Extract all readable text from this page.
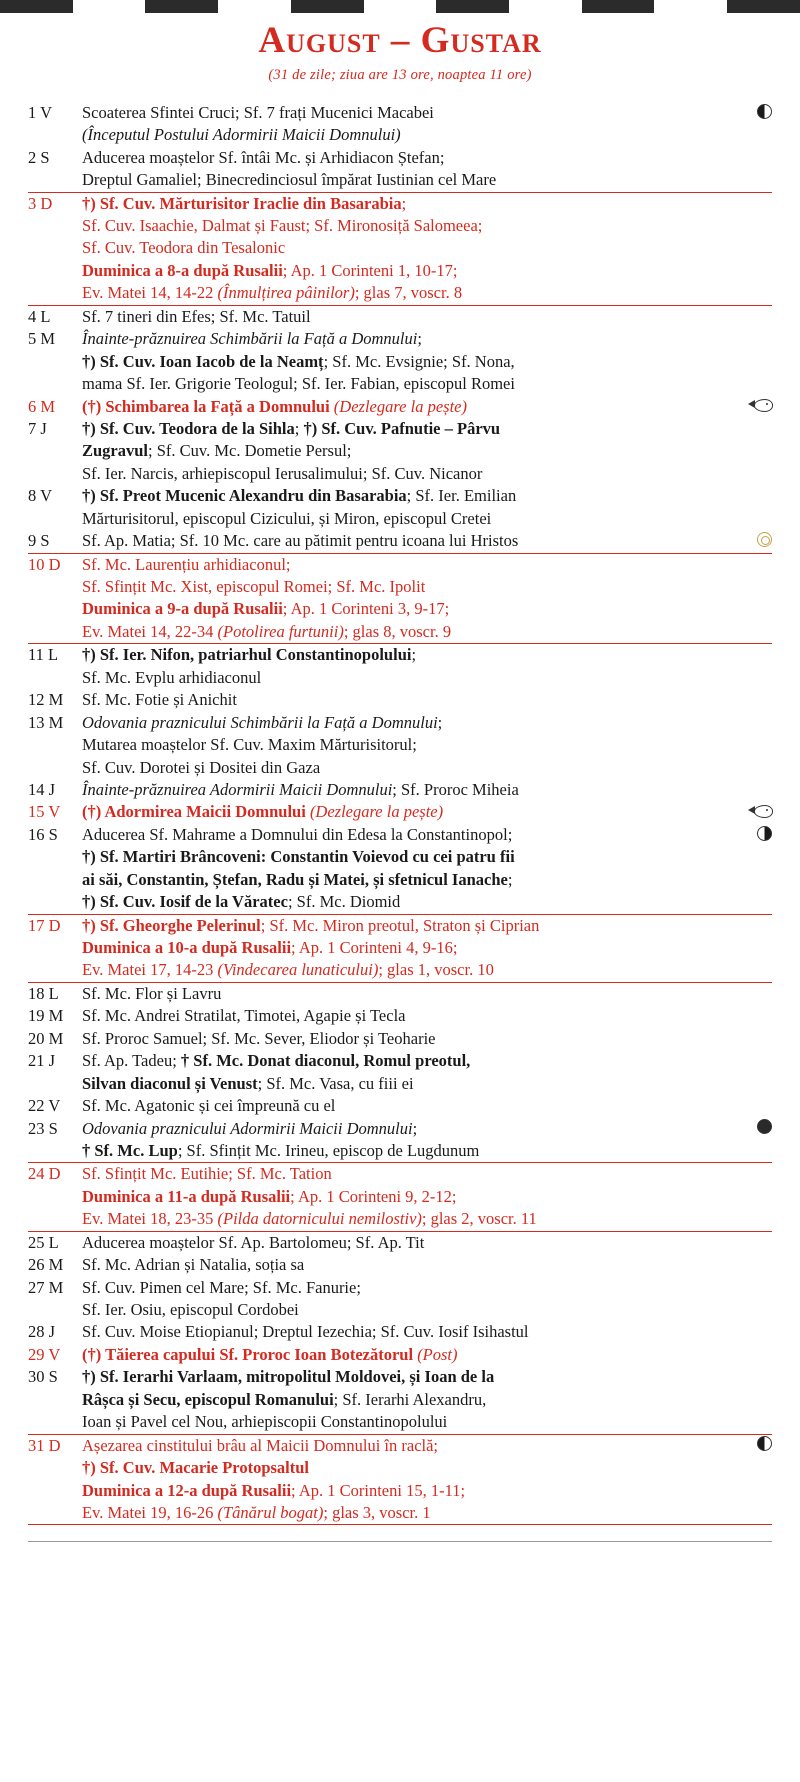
August – Gustar
(31 de zile; ziua are 13 ore, noaptea 11 ore)
1 V	Scoaterea Sfintei Cruci; Sf. 7 frați Mucenici Macabei
(Începutul Postului Adormirii Maicii Domnului)	

2 S	Aducerea moаștelor Sf. întâi Mc. și Arhidiacon Ștefan;
Dreptul Gamaliel; Binecredinciosul împărat Iustinian cel Mare	

3 D	†) Sf. Cuv. Mărturisitor Iraclie din Basarabia;
Sf. Cuv. Isaachie, Dalmat și Faust; Sf. Mironosiță Salomeea;
Sf. Cuv. Teodora din Tesalonic
Duminica a 8-a după Rusalii; Ap. 1 Corinteni 1, 10-17;
Ev. Matei 14, 14-22 (Înmulțirea pâinilor); glas 7, voscr. 8	

4 L	Sf. 7 tineri din Efes; Sf. Mc. Tatuil	

5 M	Înainte-prăznuirea Schimbării la Față a Domnului;
†) Sf. Cuv. Ioan Iacob de la Neamț; Sf. Mc. Evsignie; Sf. Nona,
mama Sf. Ier. Grigorie Teologul; Sf. Ier. Fabian, episcopul Romei	

6 M	(†) Schimbarea la Față a Domnului (Dezlegare la pește)	

7 J	†) Sf. Cuv. Teodora de la Sihla; †) Sf. Cuv. Pafnutie – Pârvu
Zugravul; Sf. Cuv. Mc. Dometie Persul;
Sf. Ier. Narcis, arhiepiscopul Ierusalimului; Sf. Cuv. Nicanor	

8 V	†) Sf. Preot Mucenic Alexandru din Basarabia; Sf. Ier. Emilian
Mărturisitorul, episcopul Cizicului, și Miron, episcopul Cretei	

9 S	Sf. Ap. Matia; Sf. 10 Mc. care au pătimit pentru icoana lui Hristos	

10 D	Sf. Mc. Laurențiu arhidiaconul;
Sf. Sfințit Mc. Xist, episcopul Romei; Sf. Mc. Ipolit
Duminica a 9-a după Rusalii; Ap. 1 Corinteni 3, 9-17;
Ev. Matei 14, 22-34 (Potolirea furtunii); glas 8, voscr. 9	

11 L	†) Sf. Ier. Nifon, patriarhul Constantinopolului;
Sf. Mc. Evplu arhidiaconul	

12 M	Sf. Mc. Fotie și Anichit	

13 M	Odovania praznicului Schimbării la Față a Domnului;
Mutarea moаștelor Sf. Cuv. Maxim Mărturisitorul;
Sf. Cuv. Dorotei și Dositei din Gaza	

14 J	Înainte-prăznuirea Adormirii Maicii Domnului; Sf. Proroc Miheia	

15 V	(†) Adormirea Maicii Domnului (Dezlegare la pește)	

16 S	Aducerea Sf. Mahrame a Domnului din Edesa la Constantinopol;
†) Sf. Martiri Brâncoveni: Constantin Voievod cu cei patru fii
ai săi, Constantin, Ștefan, Radu și Matei, și sfetnicul Ianache;
†) Sf. Cuv. Iosif de la Văratec; Sf. Mc. Diomid	

17 D	†) Sf. Gheorghe Pelerinul; Sf. Mc. Miron preotul, Straton și Ciprian
Duminica a 10-a după Rusalii; Ap. 1 Corinteni 4, 9-16;
Ev. Matei 17, 14-23 (Vindecarea lunaticului); glas 1, voscr. 10	

18 L	Sf. Mc. Flor și Lavru	

19 M	Sf. Mc. Andrei Stratilat, Timotei, Agapie și Tecla	

20 M	Sf. Proroc Samuel; Sf. Mc. Sever, Eliodor și Teoharie	

21 J	Sf. Ap. Tadeu; † Sf. Mc. Donat diaconul, Romul preotul,
Silvan diaconul și Venust; Sf. Mc. Vasa, cu fiii ei	

22 V	Sf. Mc. Agatonic și cei împreună cu el	

23 S	Odovania praznicului Adormirii Maicii Domnului;
† Sf. Mc. Lup; Sf. Sfințit Mc. Irineu, episcop de Lugdunum	

24 D	Sf. Sfințit Mc. Eutihie; Sf. Mc. Tation
Duminica a 11-a după Rusalii; Ap. 1 Corinteni 9, 2-12;
Ev. Matei 18, 23-35 (Pilda datornicului nemilostiv); glas 2, voscr. 11	

25 L	Aducerea moаștelor Sf. Ap. Bartolomeu; Sf. Ap. Tit	

26 M	Sf. Mc. Adrian și Natalia, soția sa	

27 M	Sf. Cuv. Pimen cel Mare; Sf. Mc. Fanurie;
Sf. Ier. Osiu, episcopul Cordobei	

28 J	Sf. Cuv. Moise Etiopianul; Dreptul Iezechia; Sf. Cuv. Iosif Isihastul	

29 V	(†) Tăierea capului Sf. Proroc Ioan Botezătorul (Post)	

30 S	†) Sf. Ierarhi Varlaam, mitropolitul Moldovei, și Ioan de la
Râșca și Secu, episcopul Romanului; Sf. Ierarhi Alexandru,
Ioan și Pavel cel Nou, arhiepiscopii Constantinopolului	

31 D	Așezarea cinstitului brâu al Maicii Domnului în raclă;
†) Sf. Cuv. Macarie Protopsaltul
Duminica a 12-a după Rusalii; Ap. 1 Corinteni 15, 1-11;
Ev. Matei 19, 16-26 (Tânărul bogat); glas 3, voscr. 1	
